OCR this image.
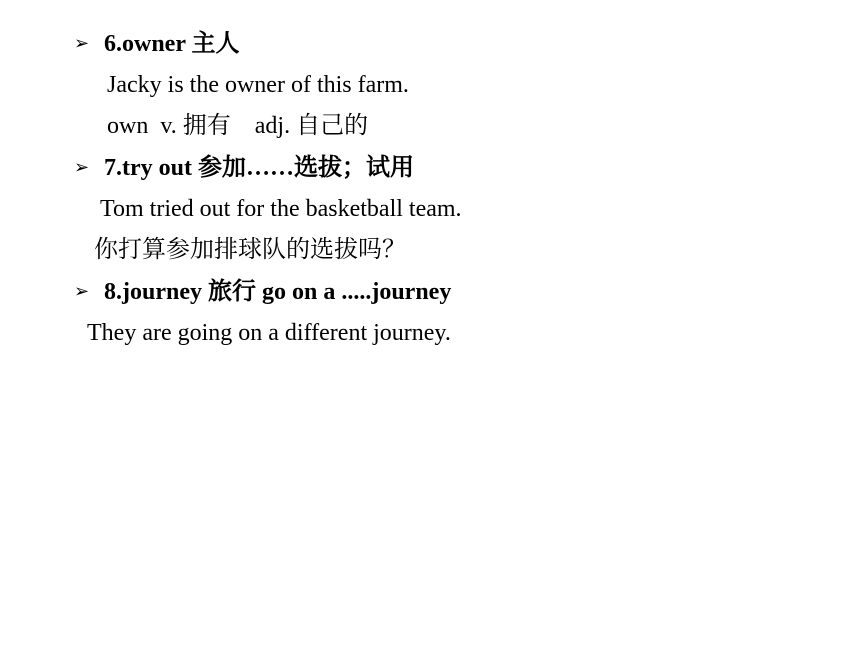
➢ 6.owner 主人
Jacky is the owner of this farm.
own  v. 拥有    adj. 自己的
➢ 7.try out 参加……选拔；试用
Tom tried out for the basketball team.
你打算参加排球队的选拔吗？
➢ 8.journey 旅行 go on a .....journey
They are going on a different journey.
